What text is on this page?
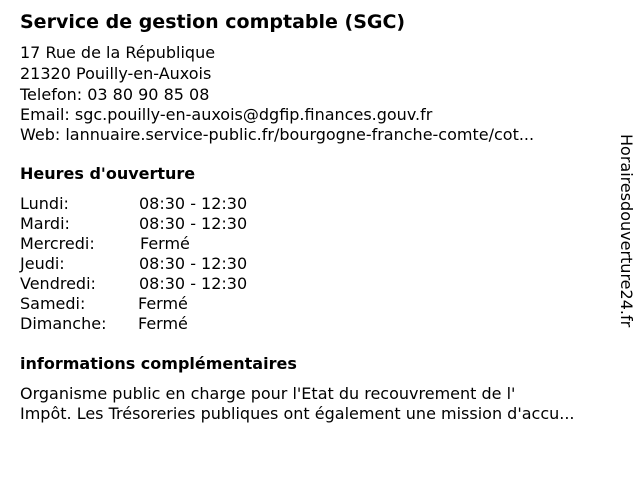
Service de gestion comptable (SGC)
17 Rue de la République
21320 Pouilly-en-Auxois
Telefon: 03 80 90 85 08
Email: sgc.pouilly-en-auxois@dgfip.finances.gouv.fr
Web: lannuaire.service-public.fr/bourgogne-franche-comte/cot...
Heures d'ouverture
Lundi:	08:30 - 12:30
Mardi:	08:30 - 12:30
Mercredi:	Fermé
Jeudi:	08:30 - 12:30
Vendredi:	08:30 - 12:30
Samedi:	Fermé
Dimanche: Fermé
informations complémentaires
Organisme public en charge pour l'Etat du recouvrement de l'
Impôt. Les Trésoreries publiques ont également une mission d'accu...
Horairesdouverture24.fr
